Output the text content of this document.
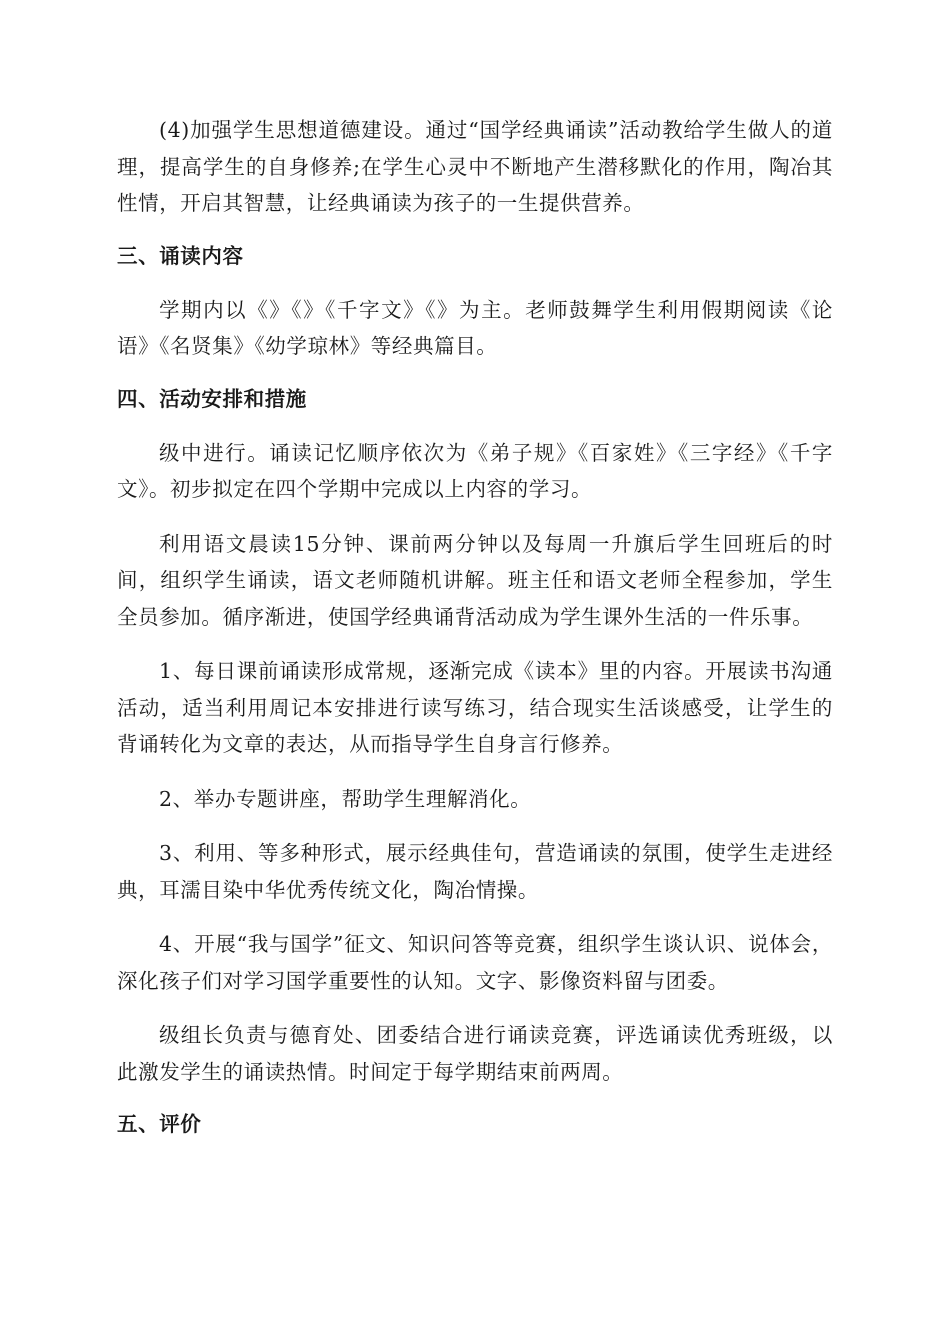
(4)加强学生思想道德建设。通过“国学经典诵读”活动教给学生做人的道理，提高学生的自身修养;在学生心灵中不断地产生潜移默化的作用，陶冶其性情，开启其智慧，让经典诵读为孩子的一生提供营养。

三、诵读内容

学期内以《》《》《千字文》《》为主。老师鼓舞学生利用假期阅读《论语》《名贤集》《幼学琼林》等经典篇目。

四、活动安排和措施

级中进行。诵读记忆顺序依次为《弟子规》《百家姓》《三字经》《千字文》。初步拟定在四个学期中完成以上内容的学习。

利用语文晨读15分钟、课前两分钟以及每周一升旗后学生回班后的时间，组织学生诵读，语文老师随机讲解。班主任和语文老师全程参加，学生全员参加。循序渐进，使国学经典诵背活动成为学生课外生活的一件乐事。

1、每日课前诵读形成常规，逐渐完成《读本》里的内容。开展读书沟通活动，适当利用周记本安排进行读写练习，结合现实生活谈感受，让学生的背诵转化为文章的表达，从而指导学生自身言行修养。

2、举办专题讲座，帮助学生理解消化。

3、利用、等多种形式，展示经典佳句，营造诵读的氛围，使学生走进经典，耳濡目染中华优秀传统文化，陶冶情操。

4、开展“我与国学”征文、知识问答等竞赛，组织学生谈认识、说体会，深化孩子们对学习国学重要性的认知。文字、影像资料留与团委。

级组长负责与德育处、团委结合进行诵读竞赛，评选诵读优秀班级，以此激发学生的诵读热情。时间定于每学期结束前两周。

五、评价
